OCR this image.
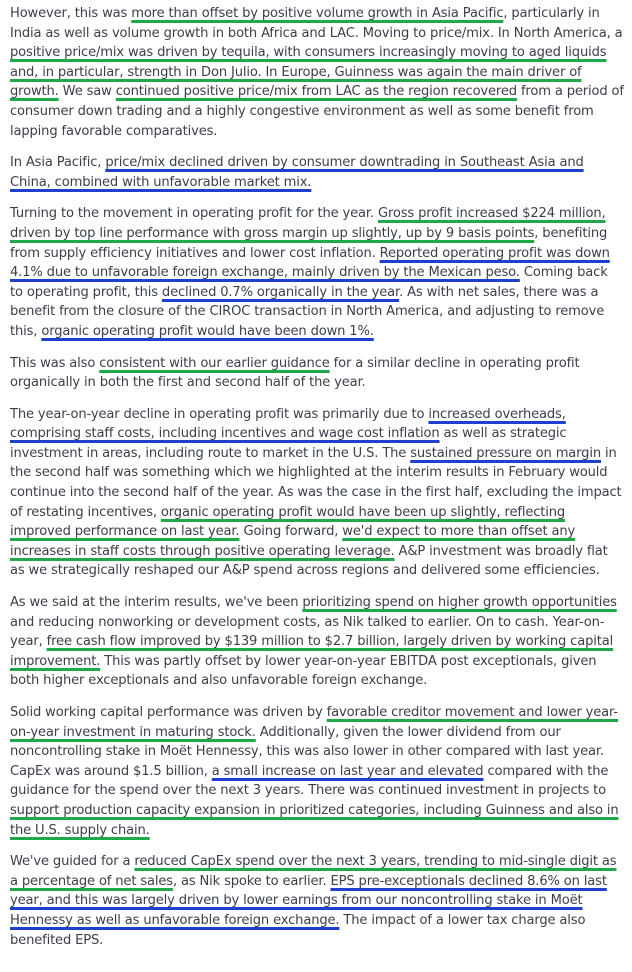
However, this was more than offset by positive volume growth in Asia Pacific, particularly in India as well as volume growth in both Africa and LAC. Moving to price/mix. In North America, a positive price/mix was driven by tequila, with consumers increasingly moving to aged liquids and, in particular, strength in Don Julio. In Europe, Guinness was again the main driver of growth. We saw continued positive price/mix from LAC as the region recovered from a period of consumer down trading and a highly congestive environment as well as some benefit from lapping favorable comparatives.

In Asia Pacific, price/mix declined driven by consumer downtrading in Southeast Asia and China, combined with unfavorable market mix.

Turning to the movement in operating profit for the year. Gross profit increased $224 million, driven by top line performance with gross margin up slightly, up by 9 basis points, benefiting from supply efficiency initiatives and lower cost inflation. Reported operating profit was down 4.1% due to unfavorable foreign exchange, mainly driven by the Mexican peso. Coming back to operating profit, this declined 0.7% organically in the year. As with net sales, there was a benefit from the closure of the CIROC transaction in North America, and adjusting to remove this, organic operating profit would have been down 1%.

This was also consistent with our earlier guidance for a similar decline in operating profit organically in both the first and second half of the year.

The year-on-year decline in operating profit was primarily due to increased overheads, comprising staff costs, including incentives and wage cost inflation as well as strategic investment in areas, including route to market in the U.S. The sustained pressure on margin in the second half was something which we highlighted at the interim results in February would continue into the second half of the year. As was the case in the first half, excluding the impact of restating incentives, organic operating profit would have been up slightly, reflecting improved performance on last year. Going forward, we'd expect to more than offset any increases in staff costs through positive operating leverage. A&P investment was broadly flat as we strategically reshaped our A&P spend across regions and delivered some efficiencies.

As we said at the interim results, we've been prioritizing spend on higher growth opportunities and reducing nonworking or development costs, as Nik talked to earlier. On to cash. Year-on-year, free cash flow improved by $139 million to $2.7 billion, largely driven by working capital improvement. This was partly offset by lower year-on-year EBITDA post exceptionals, given both higher exceptionals and also unfavorable foreign exchange.

Solid working capital performance was driven by favorable creditor movement and lower year-on-year investment in maturing stock. Additionally, given the lower dividend from our noncontrolling stake in Moët Hennessy, this was also lower in other compared with last year. CapEx was around $1.5 billion, a small increase on last year and elevated compared with the guidance for the spend over the next 3 years. There was continued investment in projects to support production capacity expansion in prioritized categories, including Guinness and also in the U.S. supply chain.

We've guided for a reduced CapEx spend over the next 3 years, trending to mid-single digit as a percentage of net sales, as Nik spoke to earlier. EPS pre-exceptionals declined 8.6% on last year, and this was largely driven by lower earnings from our noncontrolling stake in Moët Hennessy as well as unfavorable foreign exchange. The impact of a lower tax charge also benefited EPS.
